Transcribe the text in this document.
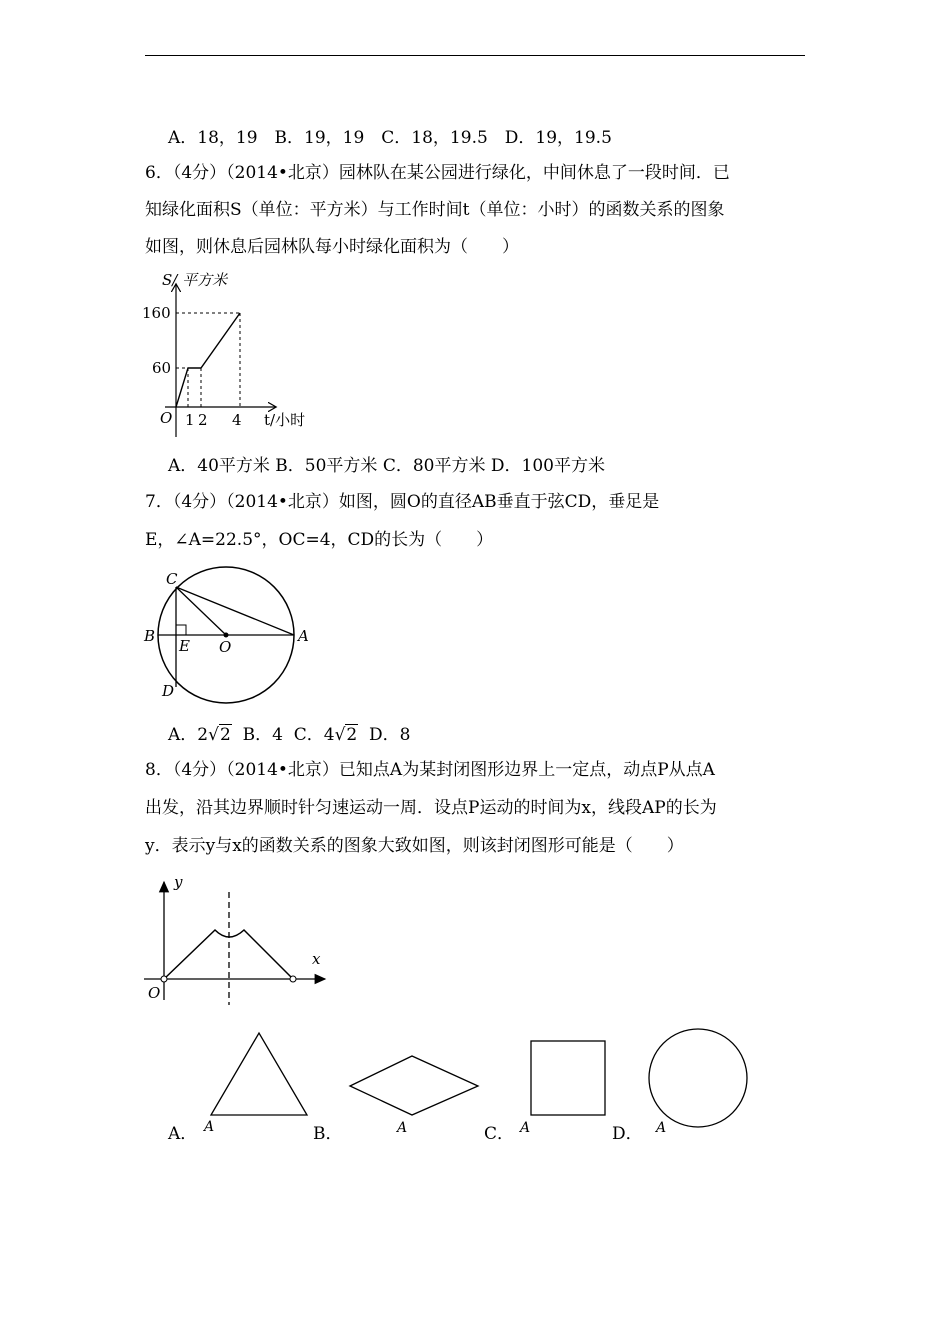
A．18，19　B．19，19　C．18，19.5　D．19，19.5
6．（4分）（2014•北京）园林队在某公园进行绿化，中间休息了一段时间．已
知绿化面积S（单位：平方米）与工作时间t（单位：小时）的函数关系的图象
如图，则休息后园林队每小时绿化面积为（　　）
S/ 平方米
t/小时
O
160
60
1 2 4
A．40平方米 B．50平方米 C．80平方米 D．100平方米
7．（4分）（2014•北京）如图，圆O的直径AB垂直于弦CD，垂足是
E，∠A=22.5°，OC=4，CD的长为（　　）
C
B
E O
A
D
A．2√2 B．4 C．4√2 D．8
8．（4分）（2014•北京）已知点A为某封闭图形边界上一定点，动点P从点A
出发，沿其边界顺时针匀速运动一周．设点P运动的时间为x，线段AP的长为
y．表示y与x的函数关系的图象大致如图，则该封闭图形可能是（　　）
y
x
O
A	A	A	A
A．	B．	C．	D．
